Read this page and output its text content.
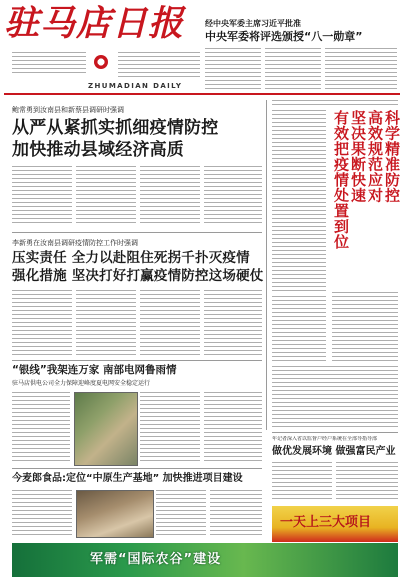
驻马店日报
ZHUMADIAN DAILY
经中央军委主席习近平批准
中央军委将评选颁授“八一勋章”
鲍常勇到汝南县和新蔡县调研时强调
从严从紧抓实抓细疫情防控
加快推动县域经济高质	科学精准防控
高效规范应对
坚决果断快速
有效把疫情处置到位
李新勇在汝南县调研疫情防控工作时强调
压实责任 全力以赴阻住死拐千扑灭疫情
强化措施 坚决打好打赢疫情防控这场硬仗
“银线”我架连万家 南部电网鲁雨情
驻马店供电公司全力保障迎峰度夏电网安全稳定运行
年记者深入省以监督户经户系统在全部导指导部
做优发展环境 做强富民产业
今麦郎食品:定位“中原生产基地” 加快推进项目建设
一天上三大项目
军需“国际农谷”建设
